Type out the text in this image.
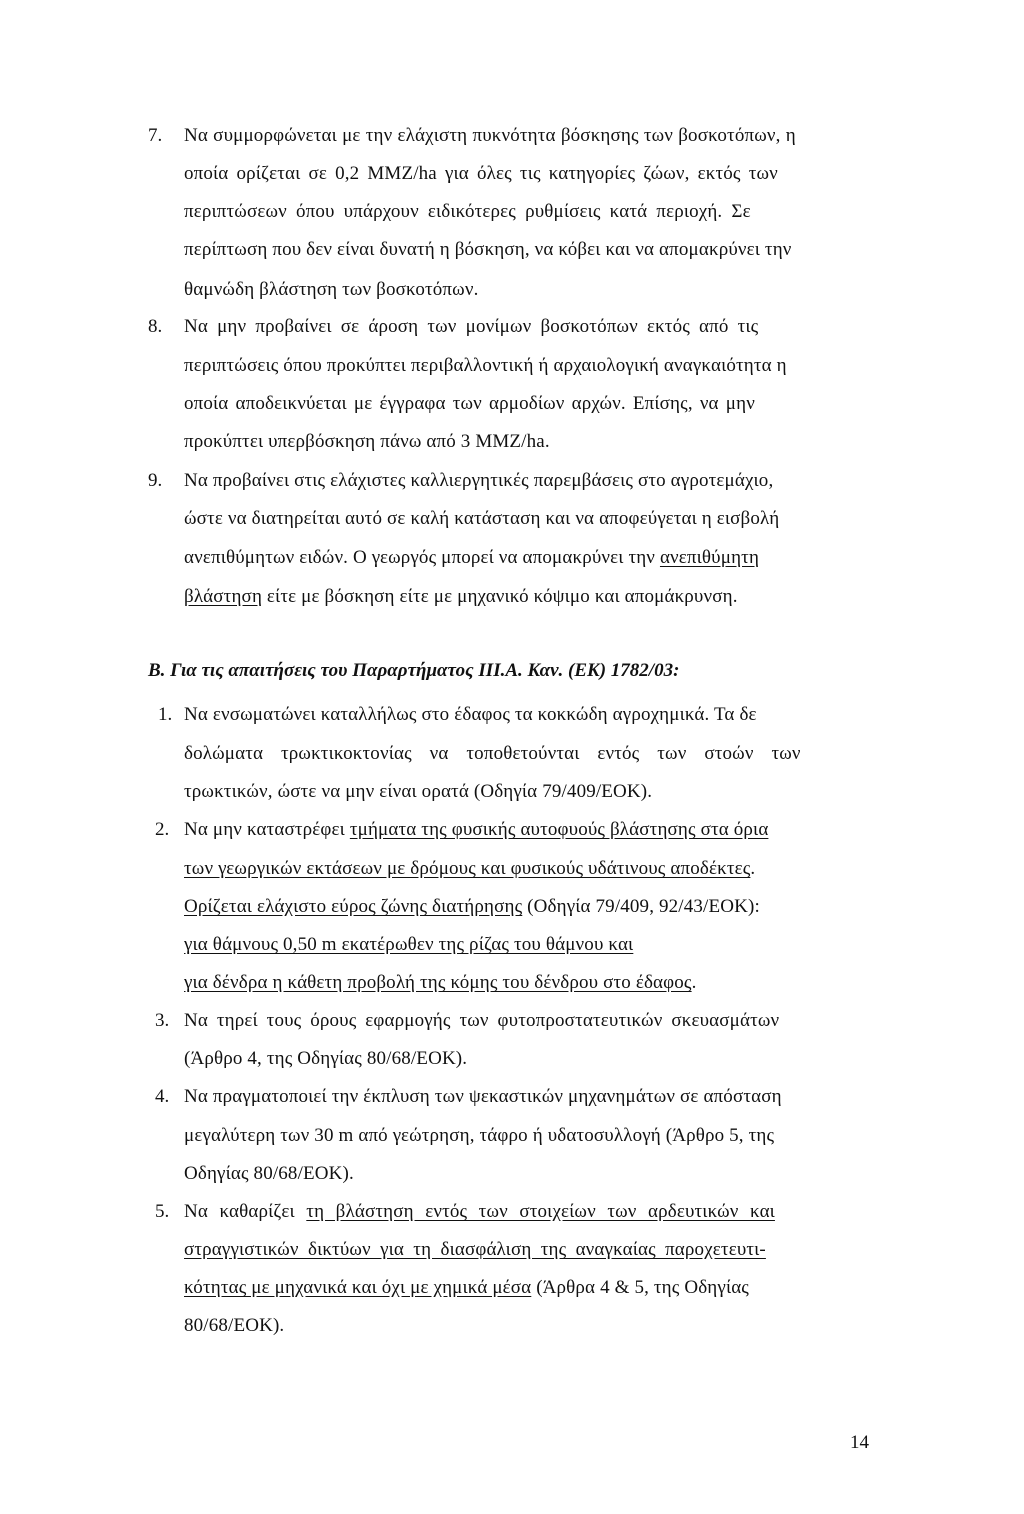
7. Να συμμορφώνεται με την ελάχιστη πυκνότητα βόσκησης των βοσκοτόπων, η

οποία ορίζεται σε 0,2 ΜΜΖ/ha για όλες τις κατηγορίες ζώων, εκτός των

περιπτώσεων όπου υπάρχουν ειδικότερες ρυθμίσεις κατά περιοχή. Σε

περίπτωση που δεν είναι δυνατή η βόσκηση, να κόβει και να απομακρύνει την

θαμνώδη βλάστηση των βοσκοτόπων.

8. Να μην προβαίνει σε άροση των μονίμων βοσκοτόπων εκτός από τις

περιπτώσεις όπου προκύπτει περιβαλλοντική ή αρχαιολογική αναγκαιότητα η

οποία αποδεικνύεται με έγγραφα των αρμοδίων αρχών. Επίσης, να μην

προκύπτει υπερβόσκηση πάνω από 3 ΜΜΖ/ha.

9. Να προβαίνει στις ελάχιστες καλλιεργητικές παρεμβάσεις στο αγροτεμάχιο,

ώστε να διατηρείται αυτό σε καλή κατάσταση και να αποφεύγεται η εισβολή

ανεπιθύμητων ειδών. Ο γεωργός μπορεί να απομακρύνει την ανεπιθύμητη

βλάστηση είτε με βόσκηση είτε με μηχανικό κόψιμο και απομάκρυνση.

Β. Για τις απαιτήσεις του Παραρτήματος ΙΙΙ.Α. Καν. (ΕΚ) 1782/03:

1. Να ενσωματώνει καταλλήλως στο έδαφος τα κοκκώδη αγροχημικά. Τα δε

δολώματα τρωκτικοκτονίας να τοποθετούνται εντός των στοών των

τρωκτικών, ώστε να μην είναι ορατά (Οδηγία 79/409/ΕΟΚ).

2. Να μην καταστρέφει τμήματα της φυσικής αυτοφυούς βλάστησης στα όρια

των γεωργικών εκτάσεων με δρόμους και φυσικούς υδάτινους αποδέκτες.

Ορίζεται ελάχιστο εύρος ζώνης διατήρησης (Οδηγία 79/409, 92/43/ΕΟΚ):

για θάμνους 0,50 m εκατέρωθεν της ρίζας του θάμνου και

για δένδρα η κάθετη προβολή της κόμης του δένδρου στο έδαφος.

3. Να τηρεί τους όρους εφαρμογής των φυτοπροστατευτικών σκευασμάτων

(Άρθρο 4, της Οδηγίας 80/68/ΕΟΚ).

4. Να πραγματοποιεί την έκπλυση των ψεκαστικών μηχανημάτων σε απόσταση

μεγαλύτερη των 30 m από γεώτρηση, τάφρο ή υδατοσυλλογή (Άρθρο 5, της

Οδηγίας 80/68/ΕΟΚ).

5. Να καθαρίζει τη βλάστηση εντός των στοιχείων των αρδευτικών και

στραγγιστικών δικτύων για τη διασφάλιση της αναγκαίας παροχετευτι-

κότητας με μηχανικά και όχι με χημικά μέσα (Άρθρα 4 & 5, της Οδηγίας

80/68/ΕΟΚ).

14
